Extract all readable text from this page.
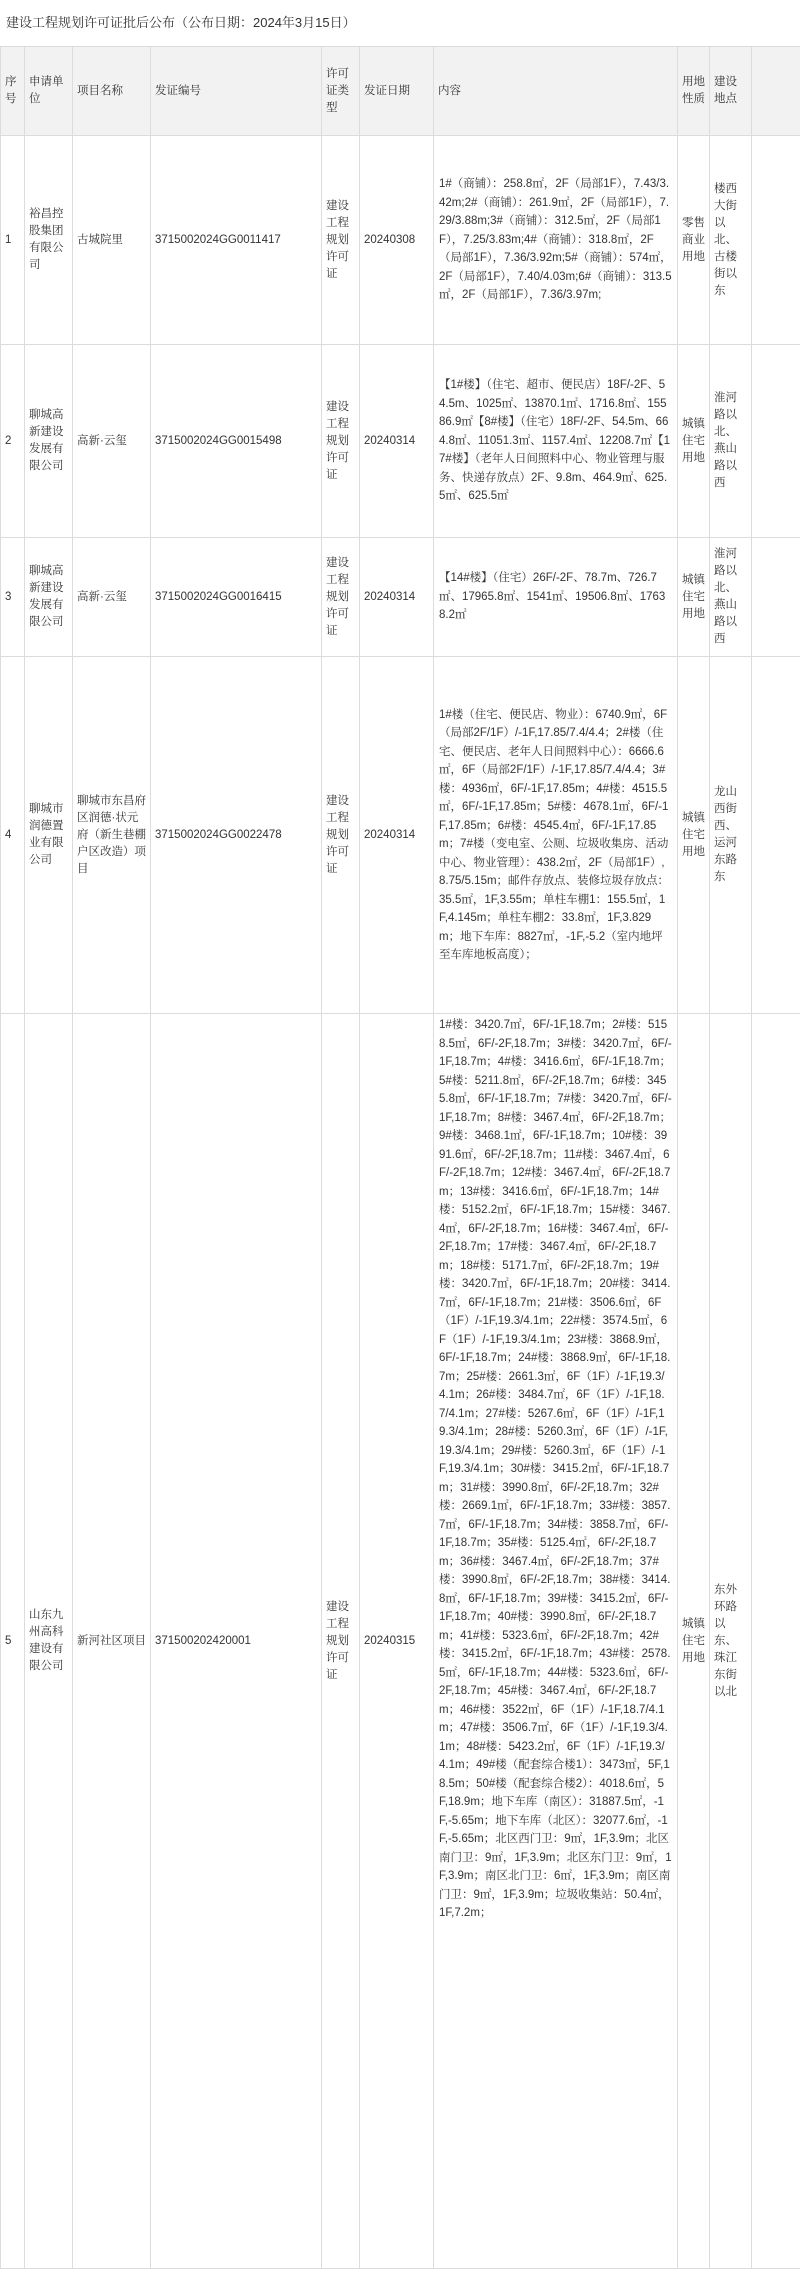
建设工程规划许可证批后公布（公布日期：2024年3月15日）
序号	申请单位	项目名称	发证编号	许可证类型	发证日期	内容	用地性质	建设地点	
1	裕昌控股集团有限公司	古城院里	3715002024GG0011417	建设工程规划许可证	20240308	1#（商铺）：258.8㎡，2F（局部1F），7.43/3.42m;2#（商铺）：261.9㎡，2F（局部1F），7.29/3.88m;3#（商铺）：312.5㎡，2F（局部1F），7.25/3.83m;4#（商铺）：318.8㎡，2F（局部1F），7.36/3.92m;5#（商铺）：574㎡，2F（局部1F），7.40/4.03m;6#（商铺）：313.5㎡，2F（局部1F），7.36/3.97m;	零售商业用地	楼西大街以北、古楼街以东	
2	聊城高新建设发展有限公司	高新·云玺	3715002024GG0015498	建设工程规划许可证	20240314	【1#楼】（住宅、超市、便民店）18F/-2F、54.5m、1025㎡、13870.1㎡、1716.8㎡、15586.9㎡【8#楼】（住宅）18F/-2F、54.5m、664.8㎡、11051.3㎡、1157.4㎡、12208.7㎡【17#楼】（老年人日间照料中心、物业管理与服务、快递存放点）2F、9.8m、464.9㎡、625.5㎡、625.5㎡	城镇住宅用地	淮河路以北、燕山路以西	
3	聊城高新建设发展有限公司	高新·云玺	3715002024GG0016415	建设工程规划许可证	20240314	【14#楼】（住宅）26F/-2F、78.7m、726.7㎡、17965.8㎡、1541㎡、19506.8㎡、17638.2㎡	城镇住宅用地	淮河路以北、燕山路以西	
4	聊城市润德置业有限公司	聊城市东昌府区润德·状元府（新生巷棚户区改造）项目	3715002024GG0022478	建设工程规划许可证	20240314	1#楼（住宅、便民店、物业）：6740.9㎡，6F（局部2F/1F）/-1F,17.85/7.4/4.4；2#楼（住宅、便民店、老年人日间照料中心）：6666.6㎡，6F（局部2F/1F）/-1F,17.85/7.4/4.4；3#楼：4936㎡，6F/-1F,17.85m；4#楼：4515.5㎡，6F/-1F,17.85m；5#楼：4678.1㎡，6F/-1F,17.85m；6#楼：4545.4㎡，6F/-1F,17.85m；7#楼（变电室、公厕、垃圾收集房、活动中心、物业管理）：438.2㎡，2F（局部1F）,8.75/5.15m；邮件存放点、装修垃圾存放点：35.5㎡，1F,3.55m；单柱车棚1：155.5㎡，1F,4.145m；单柱车棚2：33.8㎡，1F,3.829m；地下车库：8827㎡，-1F,-5.2（室内地坪至车库地板高度）；	城镇住宅用地	龙山西街西、运河东路东	
5	山东九州高科建设有限公司	新河社区项目	371500202420001	建设工程规划许可证	20240315	1#楼：3420.7㎡，6F/-1F,18.7m；2#楼：5158.5㎡，6F/-2F,18.7m；3#楼：3420.7㎡，6F/-1F,18.7m；4#楼：3416.6㎡，6F/-1F,18.7m；5#楼：5211.8㎡，6F/-2F,18.7m；6#楼：3455.8㎡，6F/-1F,18.7m；7#楼：3420.7㎡，6F/-1F,18.7m；8#楼：3467.4㎡，6F/-2F,18.7m；9#楼：3468.1㎡，6F/-1F,18.7m；10#楼：3991.6㎡，6F/-2F,18.7m；11#楼：3467.4㎡，6F/-2F,18.7m；12#楼：3467.4㎡，6F/-2F,18.7m；13#楼：3416.6㎡，6F/-1F,18.7m；14#楼：5152.2㎡，6F/-1F,18.7m；15#楼：3467.4㎡，6F/-2F,18.7m；16#楼：3467.4㎡，6F/-2F,18.7m；17#楼：3467.4㎡，6F/-2F,18.7m；18#楼：5171.7㎡，6F/-2F,18.7m；19#楼：3420.7㎡，6F/-1F,18.7m；20#楼：3414.7㎡，6F/-1F,18.7m；21#楼：3506.6㎡，6F（1F）/-1F,19.3/4.1m；22#楼：3574.5㎡，6F（1F）/-1F,19.3/4.1m；23#楼：3868.9㎡，6F/-1F,18.7m；24#楼：3868.9㎡，6F/-1F,18.7m；25#楼：2661.3㎡，6F（1F）/-1F,19.3/4.1m；26#楼：3484.7㎡，6F（1F）/-1F,18.7/4.1m；27#楼：5267.6㎡，6F（1F）/-1F,19.3/4.1m；28#楼：5260.3㎡，6F（1F）/-1F,19.3/4.1m；29#楼：5260.3㎡，6F（1F）/-1F,19.3/4.1m；30#楼：3415.2㎡，6F/-1F,18.7m；31#楼：3990.8㎡，6F/-2F,18.7m；32#楼：2669.1㎡，6F/-1F,18.7m；33#楼：3857.7㎡，6F/-1F,18.7m；34#楼：3858.7㎡，6F/-1F,18.7m；35#楼：5125.4㎡，6F/-2F,18.7m；36#楼：3467.4㎡，6F/-2F,18.7m；37#楼：3990.8㎡，6F/-2F,18.7m；38#楼：3414.8㎡，6F/-1F,18.7m；39#楼：3415.2㎡，6F/-1F,18.7m；40#楼：3990.8㎡，6F/-2F,18.7m；41#楼：5323.6㎡，6F/-2F,18.7m；42#楼：3415.2㎡，6F/-1F,18.7m；43#楼：2578.5㎡，6F/-1F,18.7m；44#楼：5323.6㎡，6F/-2F,18.7m；45#楼：3467.4㎡，6F/-2F,18.7m；46#楼：3522㎡，6F（1F）/-1F,18.7/4.1m；47#楼：3506.7㎡，6F（1F）/-1F,19.3/4.1m；48#楼：5423.2㎡，6F（1F）/-1F,19.3/4.1m；49#楼（配套综合楼1）：3473㎡，5F,18.5m；50#楼（配套综合楼2）：4018.6㎡，5F,18.9m；地下车库（南区）：31887.5㎡，-1F,-5.65m；地下车库（北区）：32077.6㎡，-1F,-5.65m；北区西门卫：9㎡，1F,3.9m；北区南门卫：9㎡，1F,3.9m；北区东门卫：9㎡，1F,3.9m；南区北门卫：6㎡，1F,3.9m；南区南门卫：9㎡，1F,3.9m；垃圾收集站：50.4㎡，1F,7.2m；	城镇住宅用地	东外环路以东、珠江东街以北	
